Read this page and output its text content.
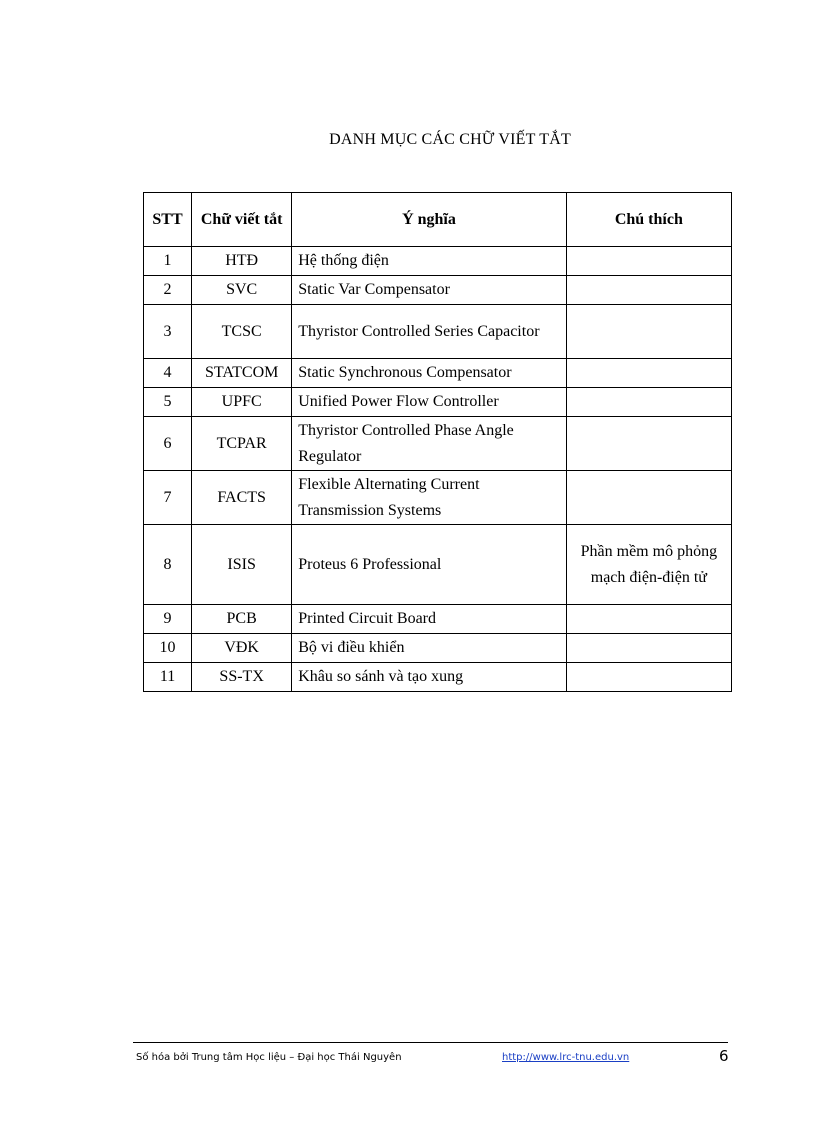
DANH MỤC CÁC CHỮ VIẾT TẮT
STT	Chữ viết tắt	Ý nghĩa	Chú thích
1	HTĐ	Hệ thống điện	
2	SVC	Static Var Compensator	
3	TCSC	Thyristor Controlled Series Capacitor	
4	STATCOM	Static Synchronous Compensator	
5	UPFC	Unified Power Flow Controller	
6	TCPAR	Thyristor Controlled Phase Angle Regulator	
7	FACTS	Flexible Alternating Current Transmission Systems	
8	ISIS	Proteus 6 Professional	Phần mềm mô phỏng mạch điện-điện tử
9	PCB	Printed Circuit Board	
10	VĐK	Bộ vi điều khiển	
11	SS-TX	Khâu so sánh và tạo xung	
Số hóa bởi Trung tâm Học liệu – Đại học Thái Nguyên	http://www.lrc-tnu.edu.vn	6
